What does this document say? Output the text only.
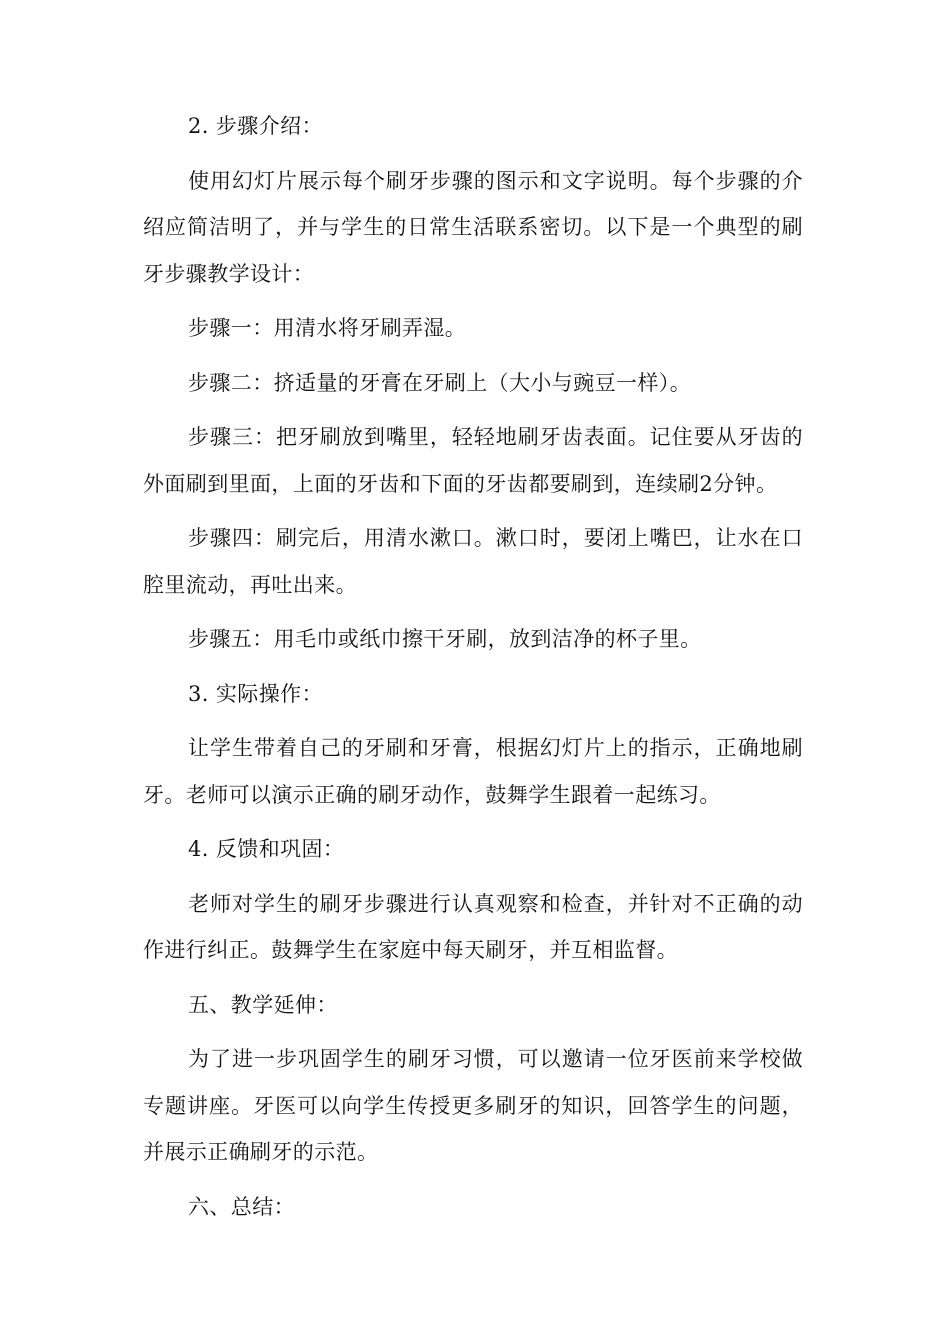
2. 步骤介绍：

使用幻灯片展示每个刷牙步骤的图示和文字说明。每个步骤的介绍应简洁明了，并与学生的日常生活联系密切。以下是一个典型的刷牙步骤教学设计：

步骤一：用清水将牙刷弄湿。

步骤二：挤适量的牙膏在牙刷上（大小与豌豆一样）。

步骤三：把牙刷放到嘴里，轻轻地刷牙齿表面。记住要从牙齿的外面刷到里面，上面的牙齿和下面的牙齿都要刷到，连续刷2分钟。

步骤四：刷完后，用清水漱口。漱口时，要闭上嘴巴，让水在口腔里流动，再吐出来。

步骤五：用毛巾或纸巾擦干牙刷，放到洁净的杯子里。

3. 实际操作：

让学生带着自己的牙刷和牙膏，根据幻灯片上的指示，正确地刷牙。老师可以演示正确的刷牙动作，鼓舞学生跟着一起练习。

4. 反馈和巩固：

老师对学生的刷牙步骤进行认真观察和检查，并针对不正确的动作进行纠正。鼓舞学生在家庭中每天刷牙，并互相监督。

五、教学延伸：

为了进一步巩固学生的刷牙习惯，可以邀请一位牙医前来学校做专题讲座。牙医可以向学生传授更多刷牙的知识，回答学生的问题，并展示正确刷牙的示范。

六、总结：
